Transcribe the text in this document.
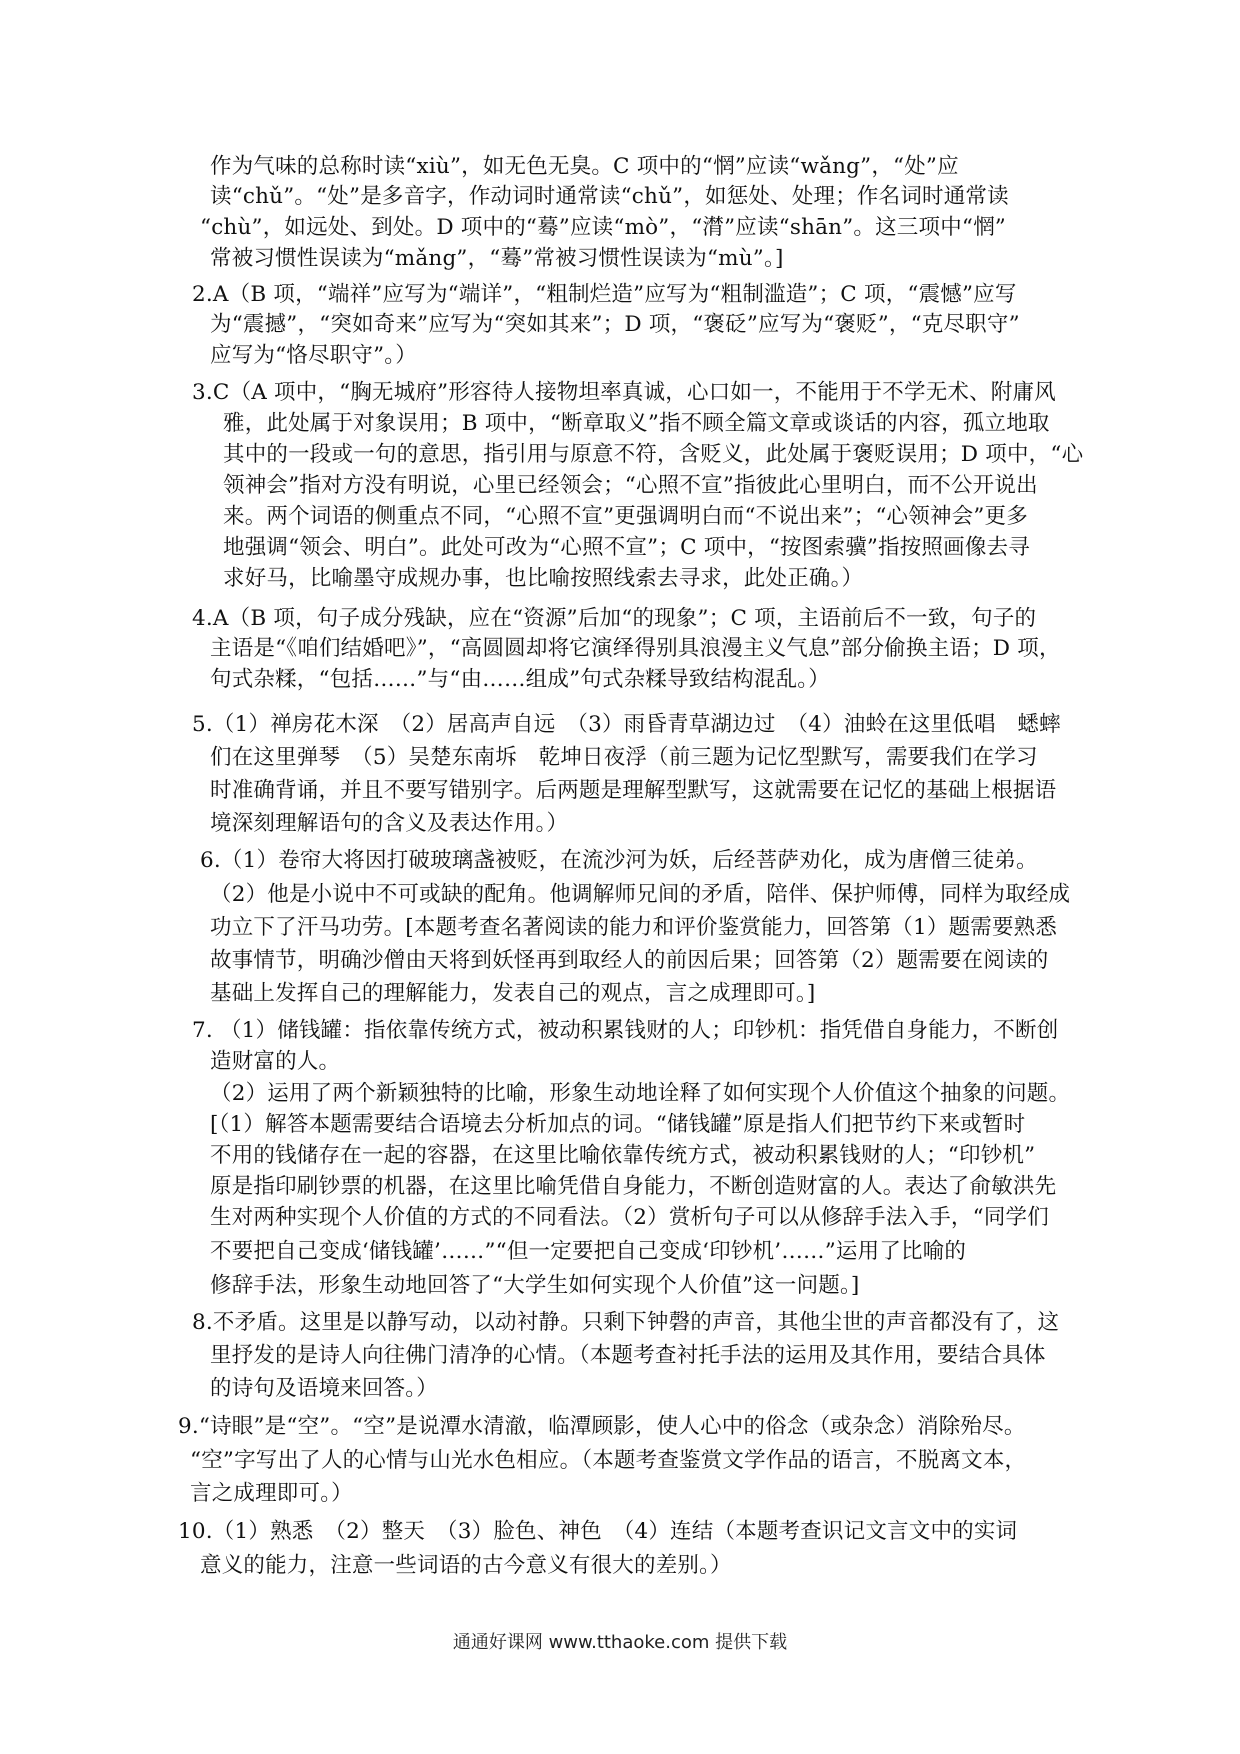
作为气味的总称时读“xiù”，如无色无臭。C 项中的“惘”应读“wǎng”，“处”应
读“chǔ”。“处”是多音字，作动词时通常读“chǔ”，如惩处、处理；作名词时通常读
“chù”，如远处、到处。D 项中的“蓦”应读“mò”，“潸”应读“shān”。这三项中“惘”
常被习惯性误读为“mǎng”，“蓦”常被习惯性误读为“mù”。]
2.A（B 项，“端祥”应写为“端详”，“粗制烂造”应写为“粗制滥造”；C 项，“震憾”应写
为“震撼”，“突如奇来”应写为“突如其来”；D 项，“褒砭”应写为“褒贬”，“克尽职守”
应写为“恪尽职守”。）
3.C（A 项中，“胸无城府”形容待人接物坦率真诚，心口如一，不能用于不学无术、附庸风
雅，此处属于对象误用；B 项中，“断章取义”指不顾全篇文章或谈话的内容，孤立地取
其中的一段或一句的意思，指引用与原意不符，含贬义，此处属于褒贬误用；D 项中，“心
领神会”指对方没有明说，心里已经领会；“心照不宣”指彼此心里明白，而不公开说出
来。两个词语的侧重点不同，“心照不宣”更强调明白而“不说出来”；“心领神会”更多
地强调“领会、明白”。此处可改为“心照不宣”；C 项中，“按图索骥”指按照画像去寻
求好马，比喻墨守成规办事，也比喻按照线索去寻求，此处正确。）
4.A（B 项，句子成分残缺，应在“资源”后加“的现象”；C 项，主语前后不一致，句子的
主语是“《咱们结婚吧》”，“高圆圆却将它演绎得别具浪漫主义气息”部分偷换主语；D 项，
句式杂糅，“包括……”与“由……组成”句式杂糅导致结构混乱。）
5.（1）禅房花木深　（2）居高声自远　（3）雨昏青草湖边过　（4）油蛉在这里低唱　蟋蟀
们在这里弹琴　（5）吴楚东南坼　乾坤日夜浮（前三题为记忆型默写，需要我们在学习
时准确背诵，并且不要写错别字。后两题是理解型默写，这就需要在记忆的基础上根据语
境深刻理解语句的含义及表达作用。）
6.（1）卷帘大将因打破玻璃盏被贬，在流沙河为妖，后经菩萨劝化，成为唐僧三徒弟。
（2）他是小说中不可或缺的配角。他调解师兄间的矛盾，陪伴、保护师傅，同样为取经成
功立下了汗马功劳。[本题考查名著阅读的能力和评价鉴赏能力，回答第（1）题需要熟悉
故事情节，明确沙僧由天将到妖怪再到取经人的前因后果；回答第（2）题需要在阅读的
基础上发挥自己的理解能力，发表自己的观点，言之成理即可。]
7. （1）储钱罐：指依靠传统方式，被动积累钱财的人；印钞机：指凭借自身能力，不断创
造财富的人。
（2）运用了两个新颖独特的比喻，形象生动地诠释了如何实现个人价值这个抽象的问题。
[（1）解答本题需要结合语境去分析加点的词。“储钱罐”原是指人们把节约下来或暂时
不用的钱储存在一起的容器，在这里比喻依靠传统方式，被动积累钱财的人；“印钞机”
原是指印刷钞票的机器，在这里比喻凭借自身能力，不断创造财富的人。表达了俞敏洪先
生对两种实现个人价值的方式的不同看法。（2）赏析句子可以从修辞手法入手，“同学们
不要把自己变成‘储钱罐’……”“但一定要把自己变成‘印钞机’……”运用了比喻的
修辞手法，形象生动地回答了“大学生如何实现个人价值”这一问题。]
8.不矛盾。这里是以静写动，以动衬静。只剩下钟磬的声音，其他尘世的声音都没有了，这
里抒发的是诗人向往佛门清净的心情。（本题考查衬托手法的运用及其作用，要结合具体
的诗句及语境来回答。）
9.“诗眼”是“空”。“空”是说潭水清澈，临潭顾影，使人心中的俗念（或杂念）消除殆尽。
“空”字写出了人的心情与山光水色相应。（本题考查鉴赏文学作品的语言，不脱离文本，
言之成理即可。）
10.（1）熟悉　（2）整天　（3）脸色、神色　（4）连结（本题考查识记文言文中的实词
意义的能力，注意一些词语的古今意义有很大的差别。）
通通好课网 www.tthaoke.com 提供下载
